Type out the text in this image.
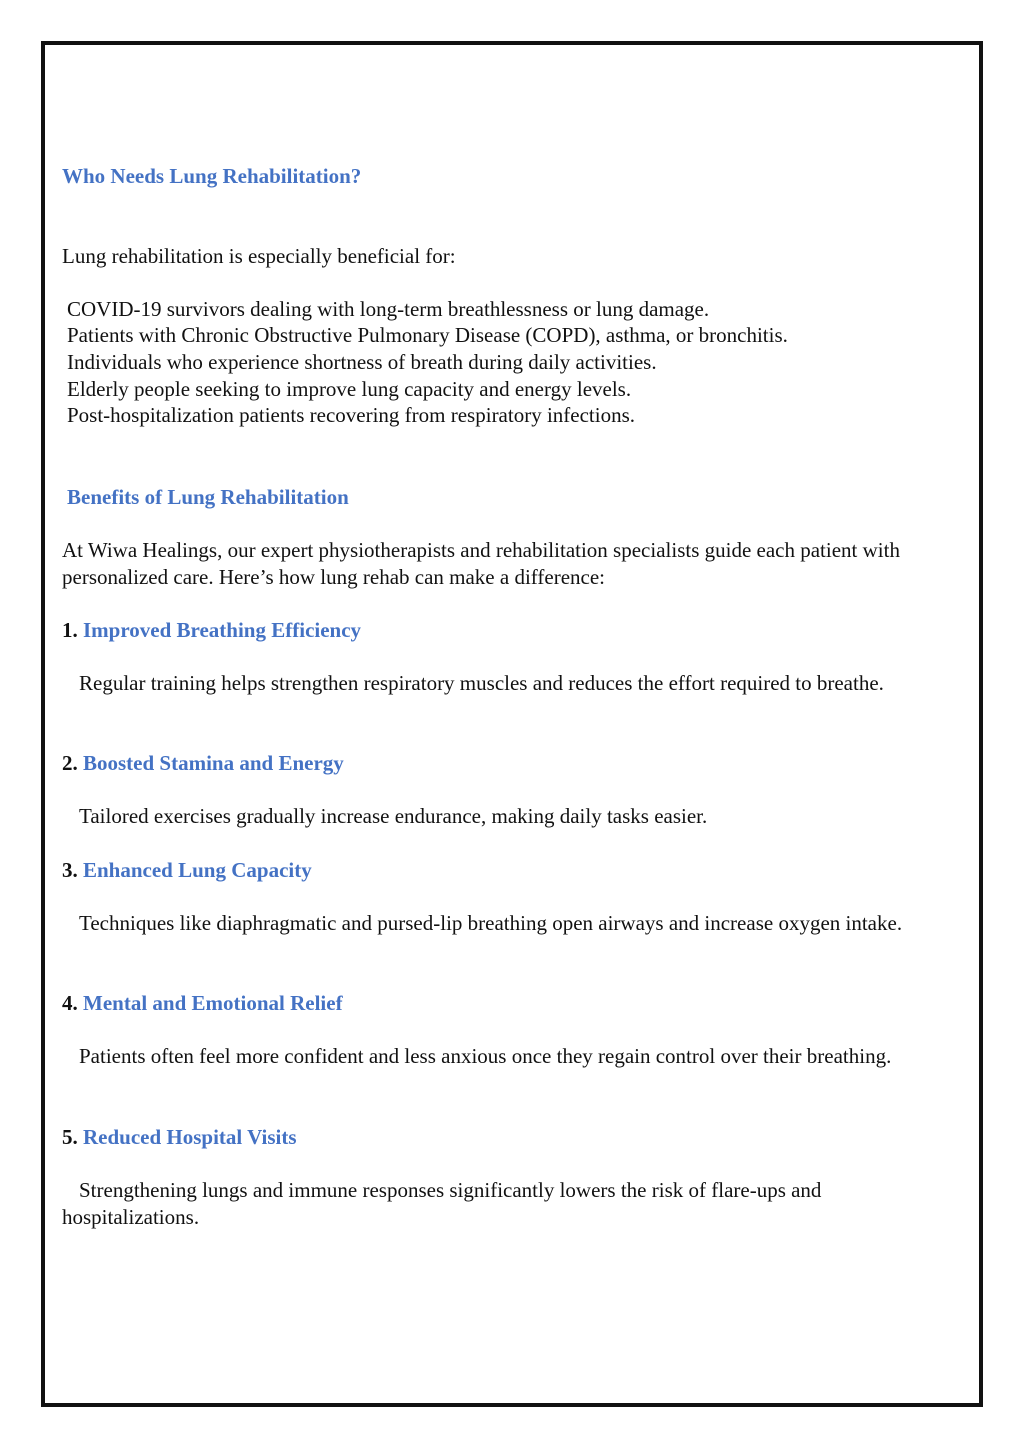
Who Needs Lung Rehabilitation?

Lung rehabilitation is especially beneficial for:

COVID-19 survivors dealing with long-term breathlessness or lung damage.

Patients with Chronic Obstructive Pulmonary Disease (COPD), asthma, or bronchitis.

Individuals who experience shortness of breath during daily activities.

Elderly people seeking to improve lung capacity and energy levels.

Post-hospitalization patients recovering from respiratory infections.

Benefits of Lung Rehabilitation

At Wiwa Healings, our expert physiotherapists and rehabilitation specialists guide each patient with personalized care. Here’s how lung rehab can make a difference:

1. Improved Breathing Efficiency

Regular training helps strengthen respiratory muscles and reduces the effort required to breathe.

2. Boosted Stamina and Energy

Tailored exercises gradually increase endurance, making daily tasks easier.

3. Enhanced Lung Capacity

Techniques like diaphragmatic and pursed-lip breathing open airways and increase oxygen intake.

4. Mental and Emotional Relief

Patients often feel more confident and less anxious once they regain control over their breathing.

5. Reduced Hospital Visits

Strengthening lungs and immune responses significantly lowers the risk of flare-ups and hospitalizations.
